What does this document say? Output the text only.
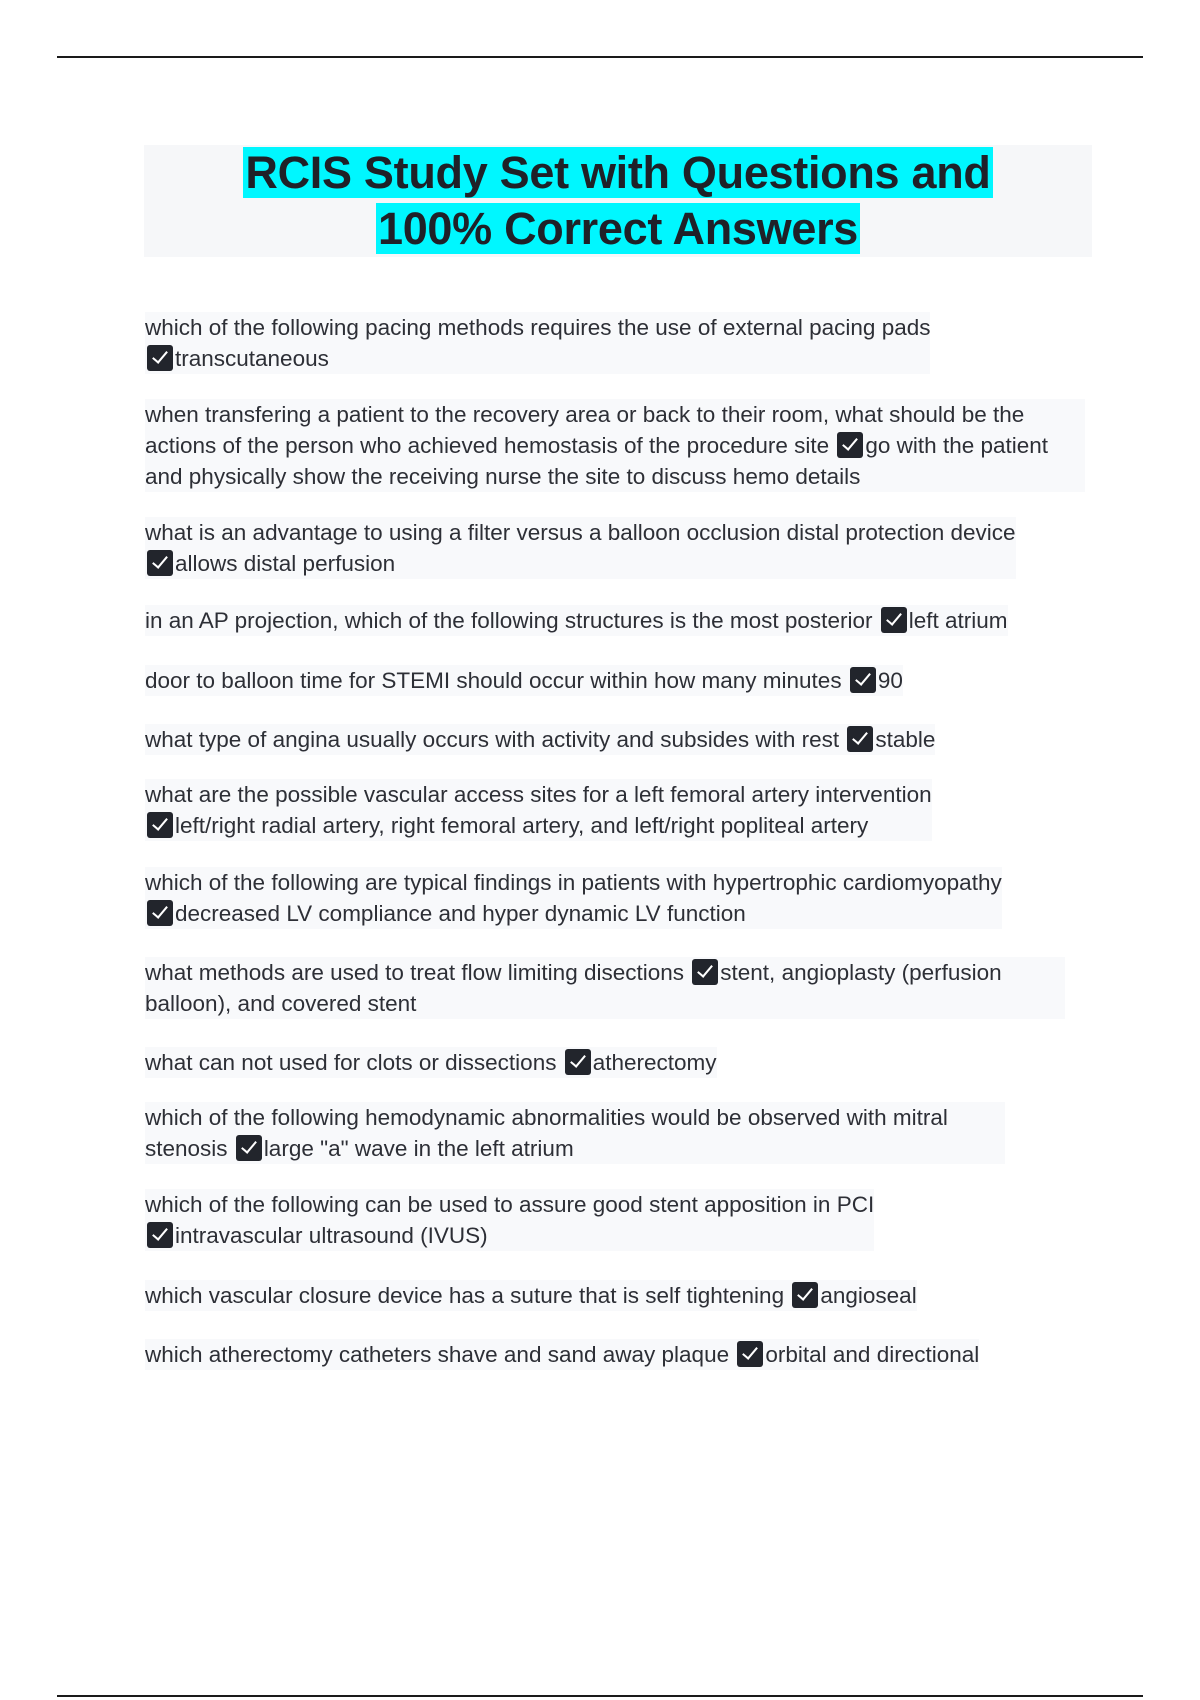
RCIS Study Set with Questions and
100% Correct Answers
which of the following pacing methods requires the use of external pacing pads
transcutaneous
when transfering a patient to the recovery area or back to their room, what should be the actions of the person who achieved hemostasis of the procedure site go with the patient and physically show the receiving nurse the site to discuss hemo details
what is an advantage to using a filter versus a balloon occlusion distal protection device
allows distal perfusion
in an AP projection, which of the following structures is the most posterior left atrium door to balloon time for STEMI should occur within how many minutes 90 what type of angina usually occurs with activity and subsides with rest stable
what are the possible vascular access sites for a left femoral artery intervention
left/right radial artery, right femoral artery, and left/right popliteal artery

which of the following are typical findings in patients with hypertrophic cardiomyopathy
decreased LV compliance and hyper dynamic LV function
what methods are used to treat flow limiting disections stent, angioplasty (perfusion balloon), and covered stent what can not used for clots or dissections atherectomy which of the following hemodynamic abnormalities would be observed with mitral stenosis large "a" wave in the left atrium
which of the following can be used to assure good stent apposition in PCI
intravascular ultrasound (IVUS)
which vascular closure device has a suture that is self tightening angioseal which atherectomy catheters shave and sand away plaque orbital and directional
